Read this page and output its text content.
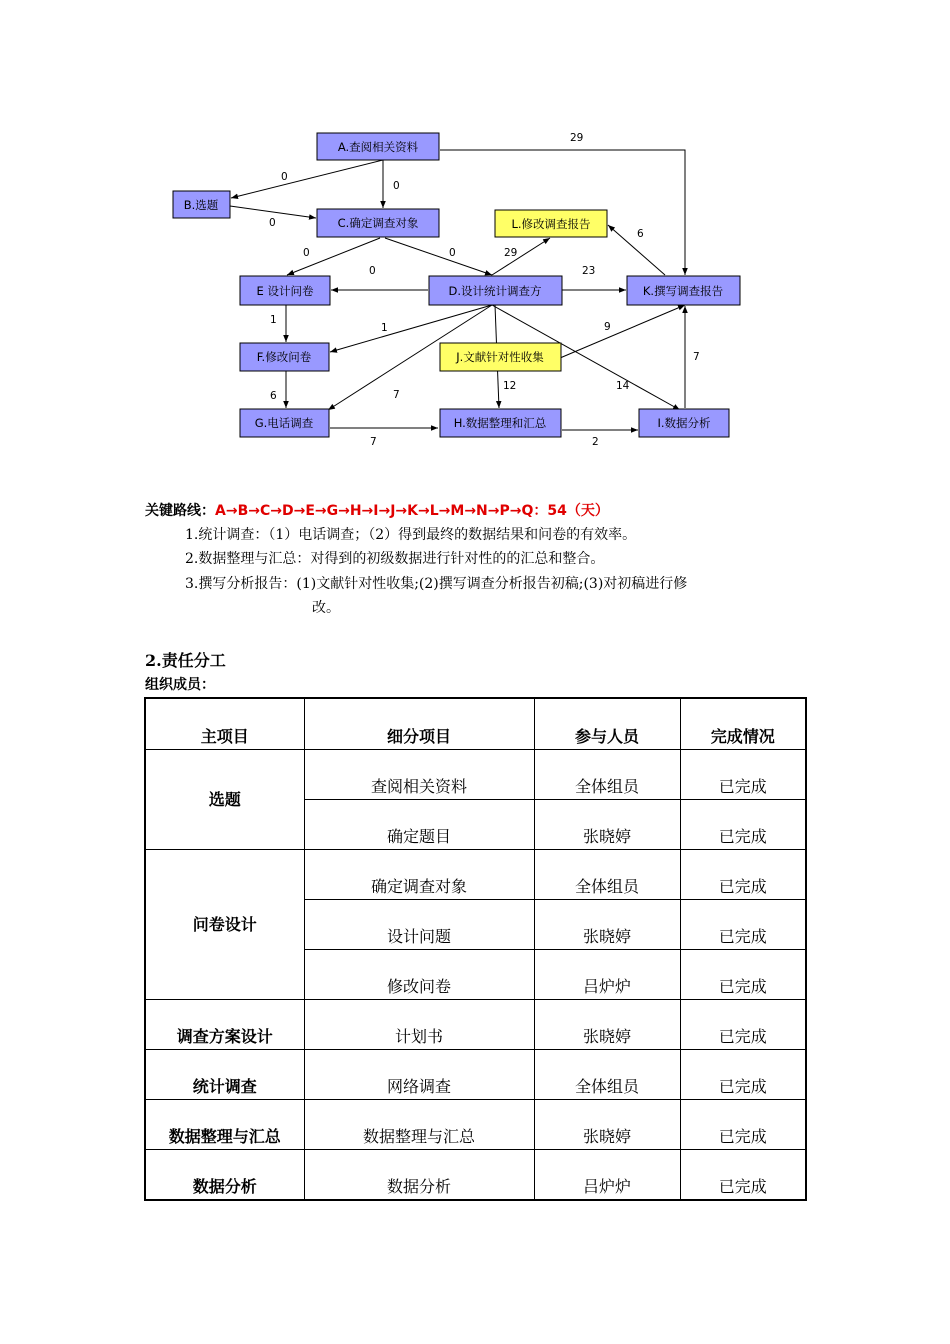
29
0
0
0
0	0
0
29
6
23
1
1	9
6	7
12	14
7
7	2
A.查阅相关资料
B.选题
C.确定调查对象	L.修改调查报告
E 设计问卷	D.设计统计调查方	K.撰写调查报告
F.修改问卷	J.文献针对性收集
G.电话调查	H.数据整理和汇总	I.数据分析
关键路线：A→B→C→D→E→G→H→I→J→K→L→M→N→P→Q：54（天）
1.统计调查：（1）电话调查；（2）得到最终的数据结果和问卷的有效率。
2.数据整理与汇总：对得到的初级数据进行针对性的的汇总和整合。
3.撰写分析报告：(1)文献针对性收集;(2)撰写调查分析报告初稿;(3)对初稿进行修
改。
2.责任分工
组织成员：
主项目	细分项目	参与人员	完成情况
选题	查阅相关资料	全体组员	已完成
	确定题目	张晓婷	已完成
问卷设计	确定调查对象	全体组员	已完成
	设计问题	张晓婷	已完成
	修改问卷	吕炉炉	已完成
调查方案设计	计划书	张晓婷	已完成
统计调查	网络调查	全体组员	已完成
数据整理与汇总	数据整理与汇总	张晓婷	已完成
数据分析	数据分析	吕炉炉	已完成
